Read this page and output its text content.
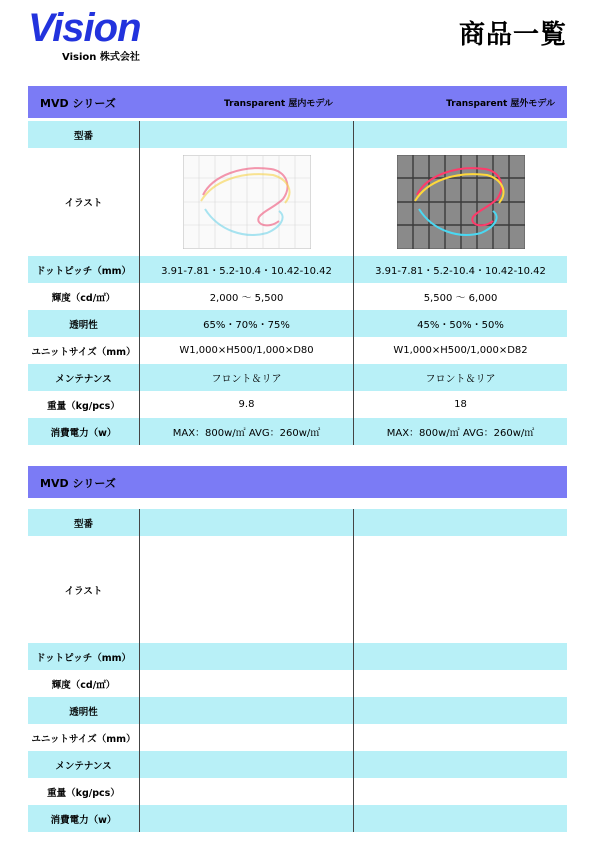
Vision
Vision 株式会社
商品一覧
MVD シリーズ	Transparent 屋内モデル	Transparent 屋外モデル
型番		
イラスト	

ドットピッチ（mm）	3.91-7.81・5.2-10.4・10.42-10.42	3.91-7.81・5.2-10.4・10.42-10.42
輝度（cd/㎡）	2,000 ～ 5,500	5,500 ～ 6,000
透明性	65%・70%・75%	45%・50%・50%
ユニットサイズ（mm）	W1,000×H500/1,000×D80	W1,000×H500/1,000×D82
メンテナンス	フロント＆リア	フロント＆リア
重量（kg/pcs）	9.8	18
消費電力（w）	MAX：800w/㎡ AVG：260w/㎡	MAX：800w/㎡ AVG：260w/㎡
MVD シリーズ
型番		
イラスト		
ドットピッチ（mm）		
輝度（cd/㎡）		
透明性		
ユニットサイズ（mm）		
メンテナンス		
重量（kg/pcs）		
消費電力（w）		
